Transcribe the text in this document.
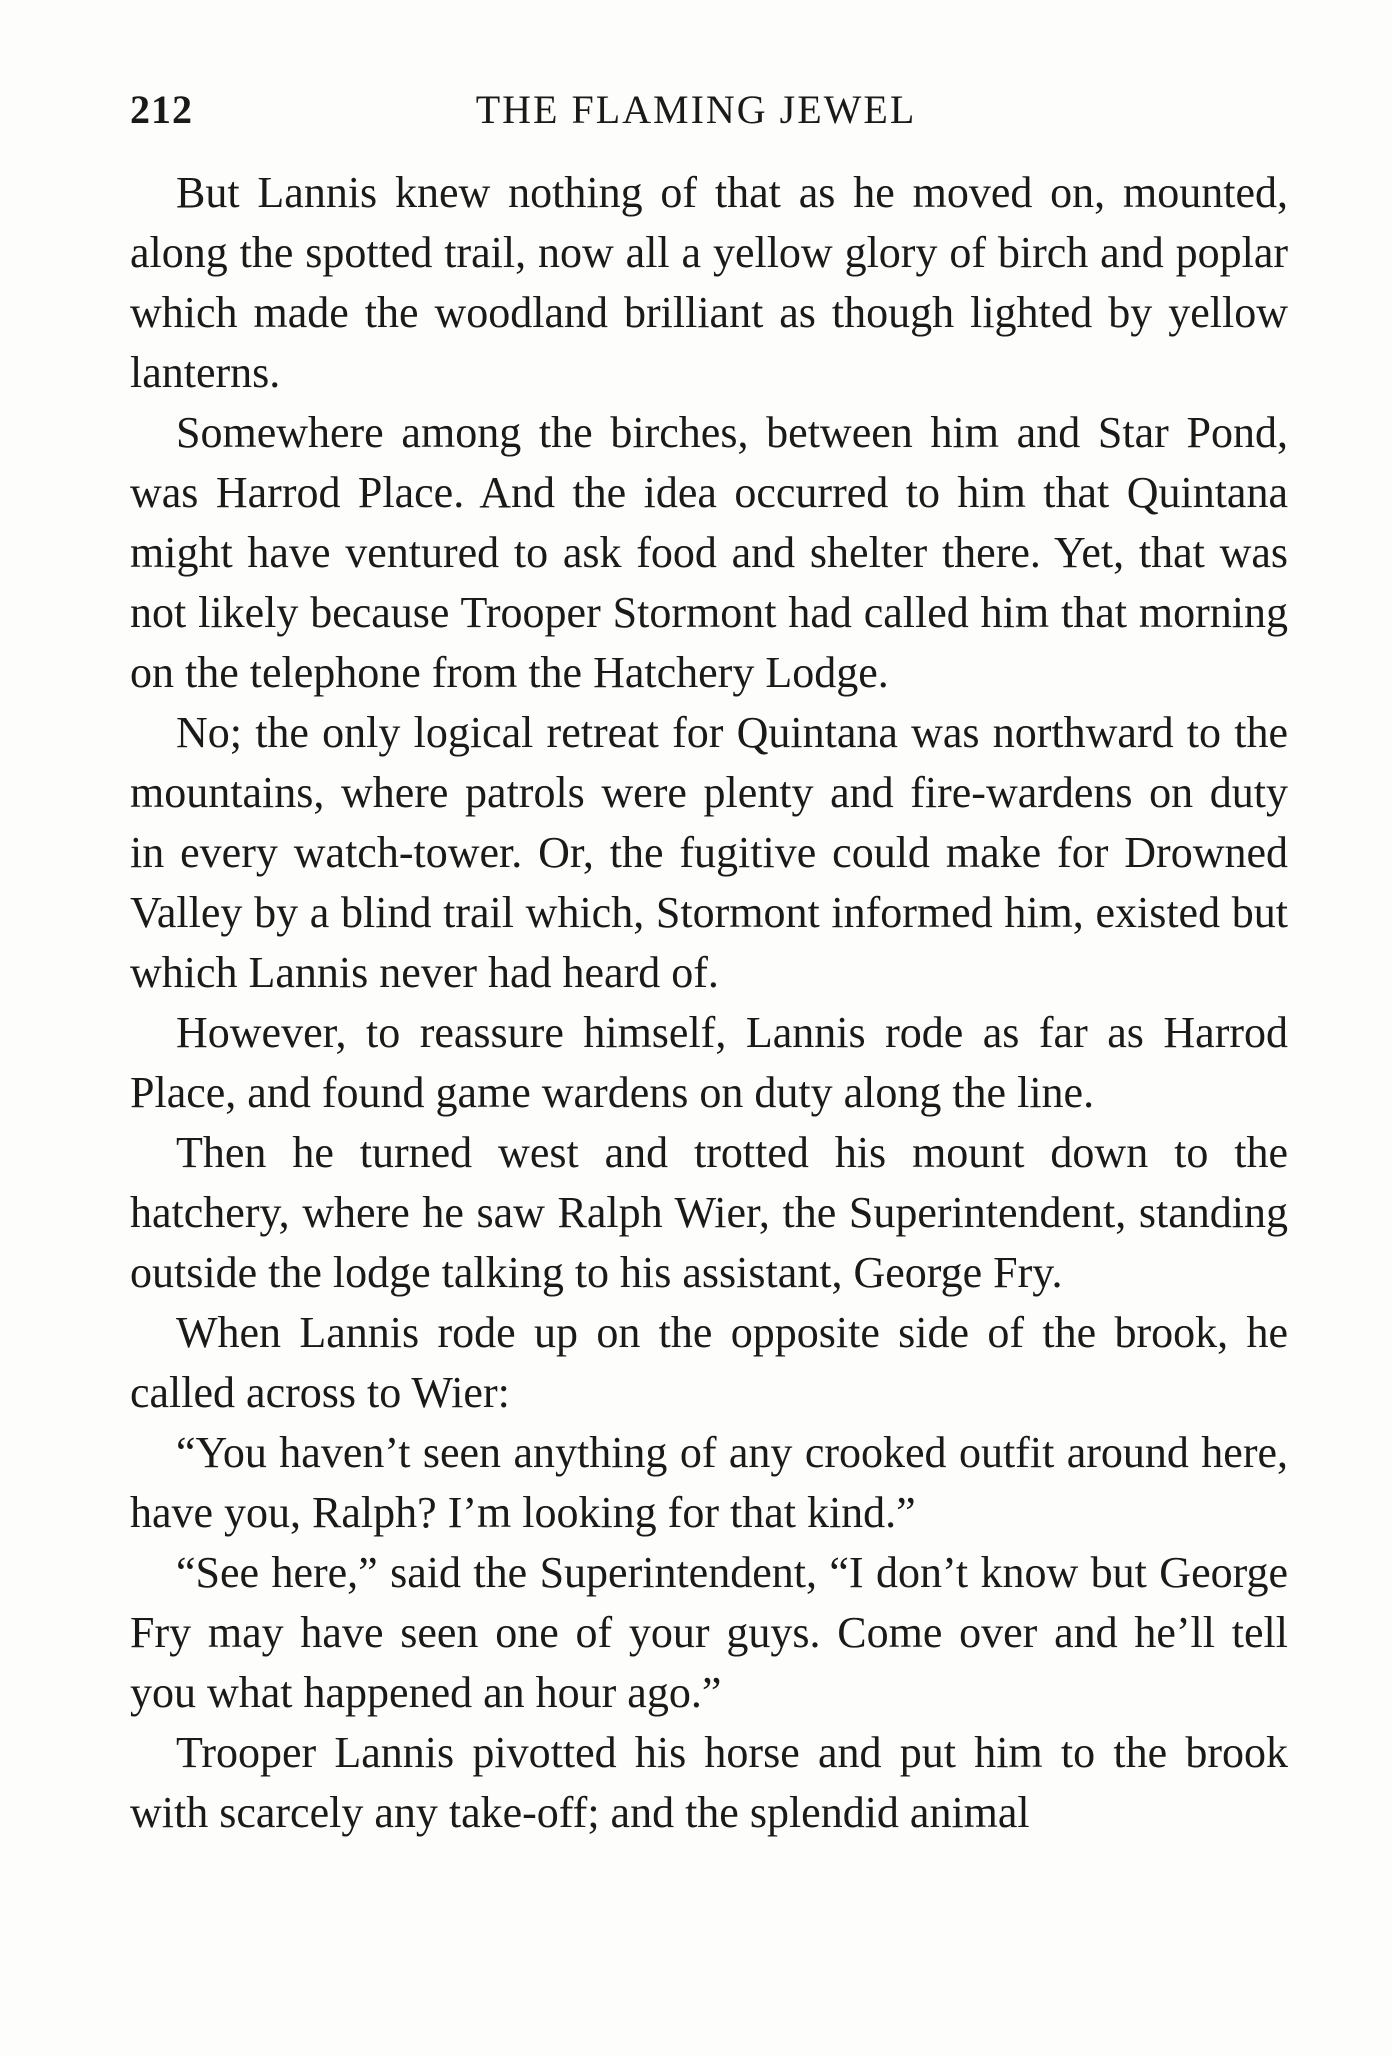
212	THE FLAMING JEWEL

But Lannis knew nothing of that as he moved on, mounted, along the spotted trail, now all a yellow glory of birch and poplar which made the woodland brilliant as though lighted by yellow lanterns.

Somewhere among the birches, between him and Star Pond, was Harrod Place. And the idea occurred to him that Quintana might have ventured to ask food and shelter there. Yet, that was not likely because Trooper Stormont had called him that morning on the telephone from the Hatchery Lodge.

No; the only logical retreat for Quintana was northward to the mountains, where patrols were plenty and fire-wardens on duty in every watch-tower. Or, the fugitive could make for Drowned Valley by a blind trail which, Stormont informed him, existed but which Lannis never had heard of.

However, to reassure himself, Lannis rode as far as Harrod Place, and found game wardens on duty along the line.

Then he turned west and trotted his mount down to the hatchery, where he saw Ralph Wier, the Superintendent, standing outside the lodge talking to his assistant, George Fry.

When Lannis rode up on the opposite side of the brook, he called across to Wier:

“You haven’t seen anything of any crooked outfit around here, have you, Ralph? I’m looking for that kind.”

“See here,” said the Superintendent, “I don’t know but George Fry may have seen one of your guys. Come over and he’ll tell you what happened an hour ago.”

Trooper Lannis pivotted his horse and put him to the brook with scarcely any take-off; and the splendid animal
